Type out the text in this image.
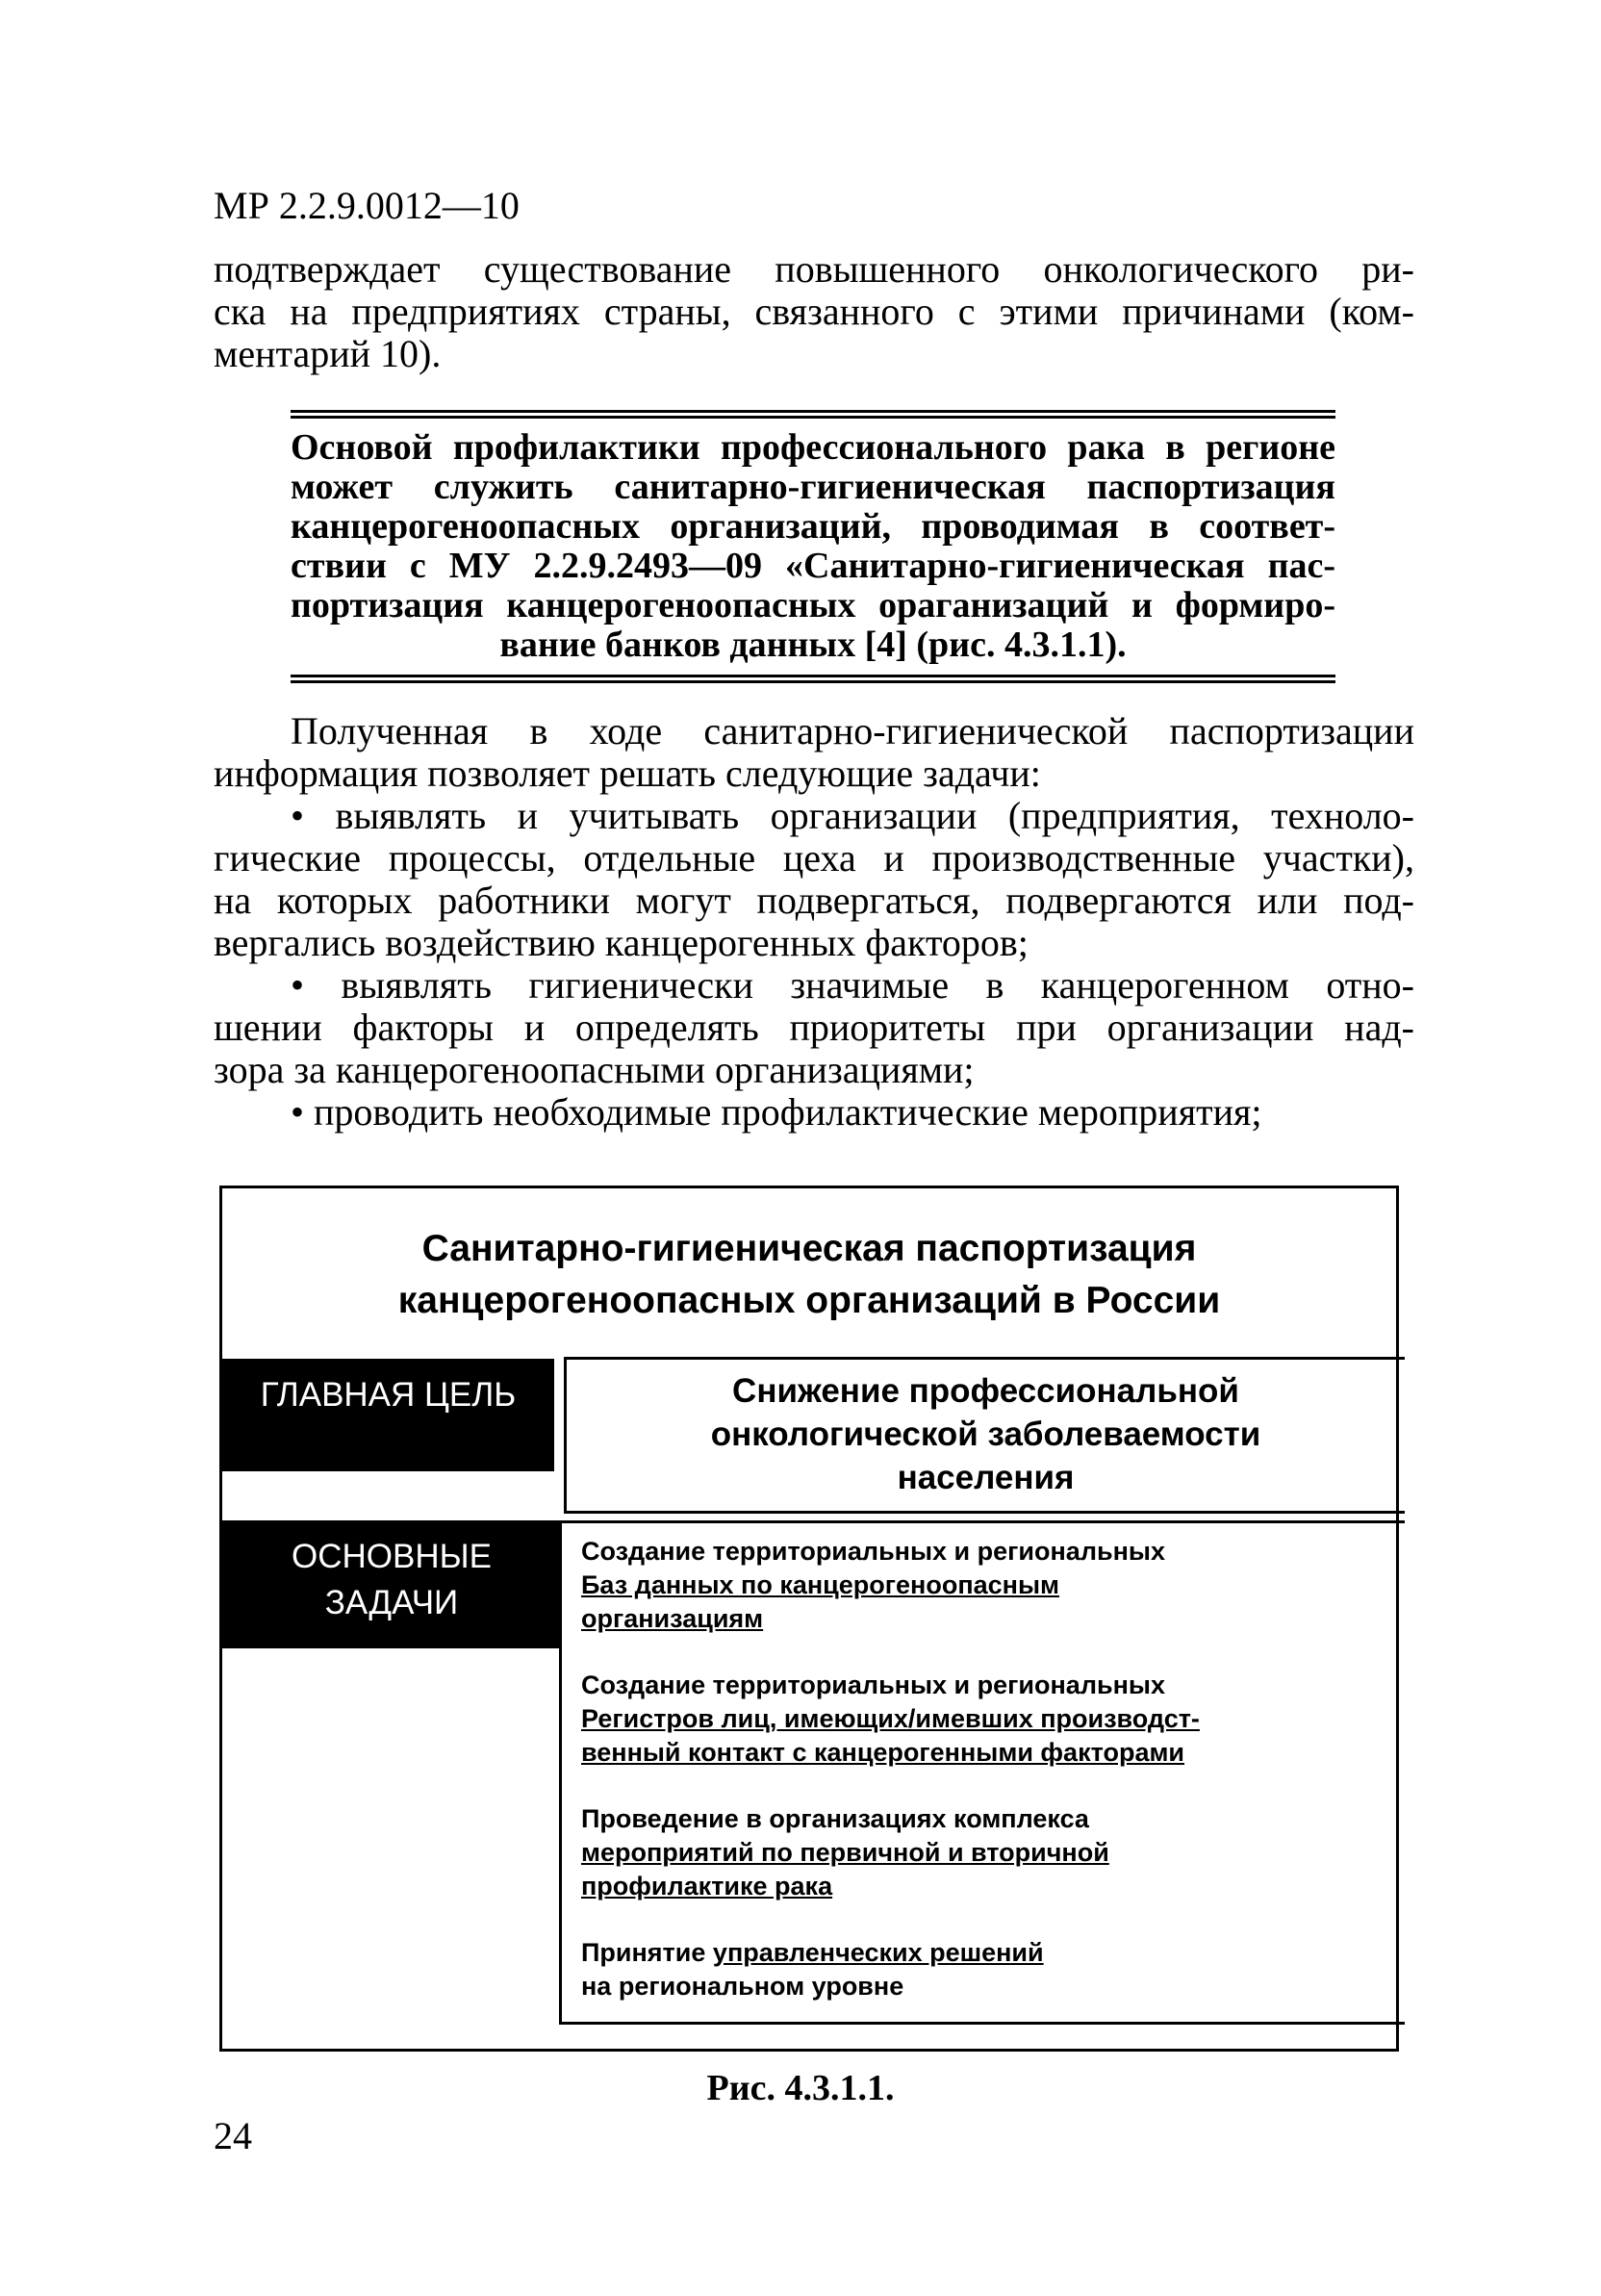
МР 2.2.9.0012—10
подтверждает существование повышенного онкологического ри-
ска на предприятиях страны, связанного с этими причинами (ком-
ментарий 10).
Основой профилактики профессионального рака в регионе
может служить санитарно-гигиеническая паспортизация
канцерогеноопасных организаций, проводимая в соответ-
ствии с МУ 2.2.9.2493—09 «Санитарно-гигиеническая пас-
портизация канцерогеноопасных ораганизаций и формиро-
вание банков данных [4] (рис. 4.3.1.1).
Полученная в ходе санитарно-гигиенической паспортизации
информация позволяет решать следующие задачи:
• выявлять и учитывать организации (предприятия, техноло-
гические процессы, отдельные цеха и производственные участки),
на которых работники могут подвергаться, подвергаются или под-
вергались воздействию канцерогенных факторов;
• выявлять гигиенически значимые в канцерогенном отно-
шении факторы и определять приоритеты при организации над-
зора за канцерогеноопасными организациями;
• проводить необходимые профилактические мероприятия;
Санитарно-гигиеническая паспортизация
канцерогеноопасных организаций в России
ГЛАВНАЯ ЦЕЛЬ	Снижение профессиональной
онкологической заболеваемости
населения
ОСНОВНЫЕ
ЗАДАЧИ
Создание территориальных и региональных
Баз данных по канцерогеноопасным
организациям
Создание территориальных и региональных
Регистров лиц, имеющих/имевших производст-
венный контакт с канцерогенными факторами
Проведение в организациях комплекса
мероприятий по первичной и вторичной
профилактике рака
Принятие управленческих решений
на региональном уровне
Рис. 4.3.1.1.
24
